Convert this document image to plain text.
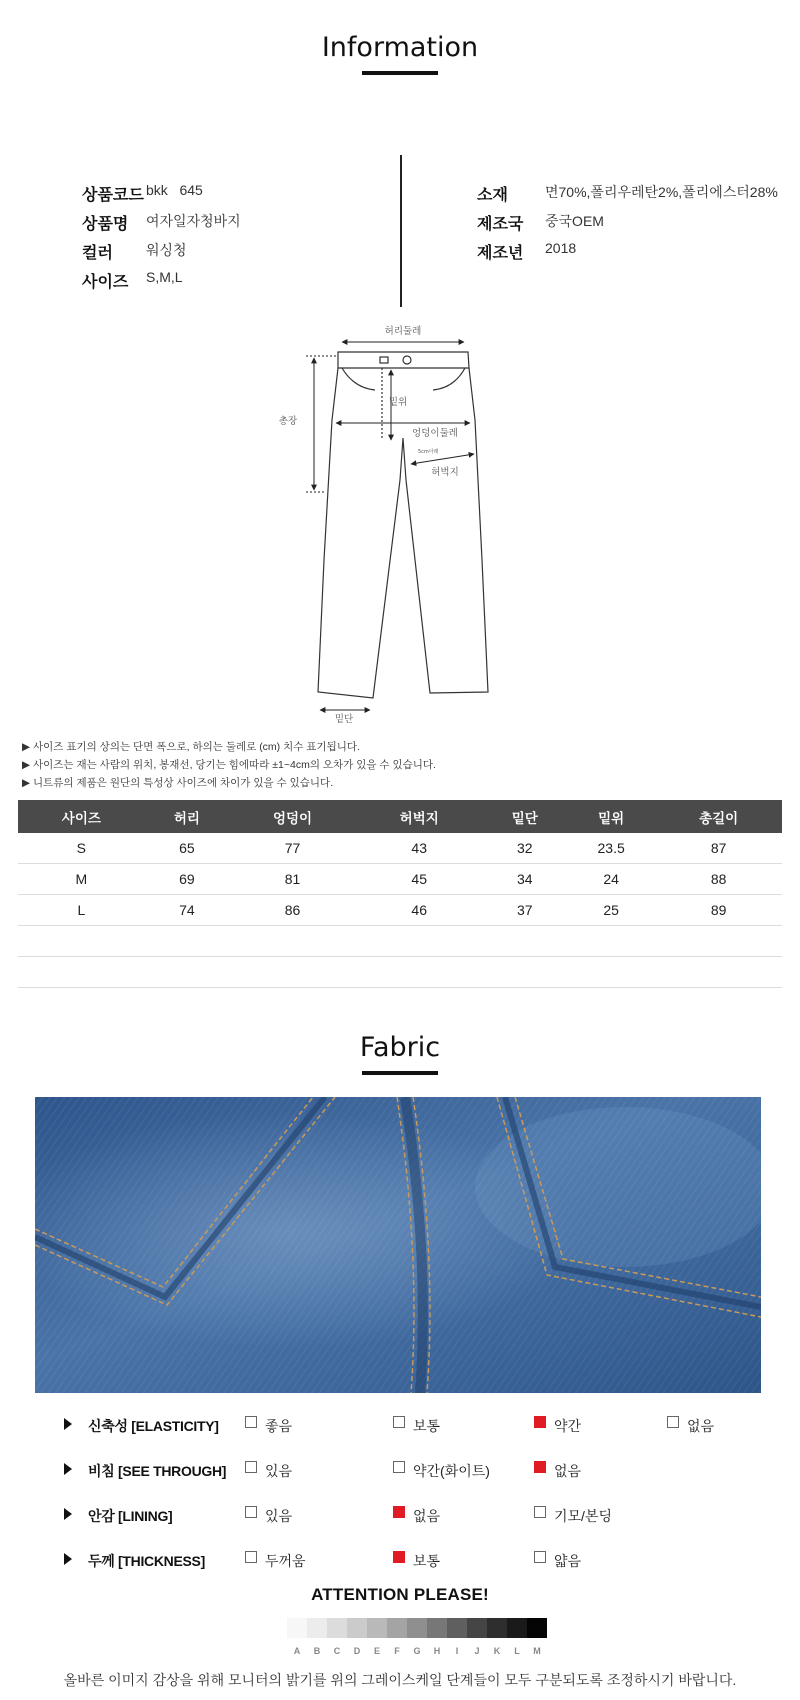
Information
상품코드 bkk   645
상품명 여자일자청바지
컬러 워싱청
사이즈 S,M,L
소재	면70%,폴리우레탄2%,폴리에스터28%
제조국 중국OEM
제조년 2018
허리둘레
총장
밑위
엉덩이둘레
5cm아래
허벅지
밑단
▶ 사이즈 표기의 상의는 단면 폭으로, 하의는 둘레로 (cm) 치수 표기됩니다.
▶ 사이즈는 재는 사람의 위치, 봉재선, 당기는 힘에따라 ±1~4cm의 오차가 있을 수 있습니다.
▶ 니트류의 제품은 원단의 특성상 사이즈에 차이가 있을 수 있습니다.
사이즈	허리	엉덩이	허벅지	밑단	밑위	총길이
S	65	77	43	32	23.5	87
M	69	81	45	34	24	88
L	74	86	46	37	25	89

Fabric
신축성 [ELASTICITY]	좋음	보통	약간	없음
비침 [SEE THROUGH]	있음	약간(화이트)	없음
안감 [LINING]	있음	없음	기모/본딩
두께 [THICKNESS]	두꺼움	보통	얇음
ATTENTION PLEASE!
A	B	C	D	E	F	G	H	I	J	K	L	M
올바른 이미지 감상을 위해 모니터의 밝기를 위의 그레이스케일 단계들이 모두 구분되도록 조정하시기 바랍니다.
